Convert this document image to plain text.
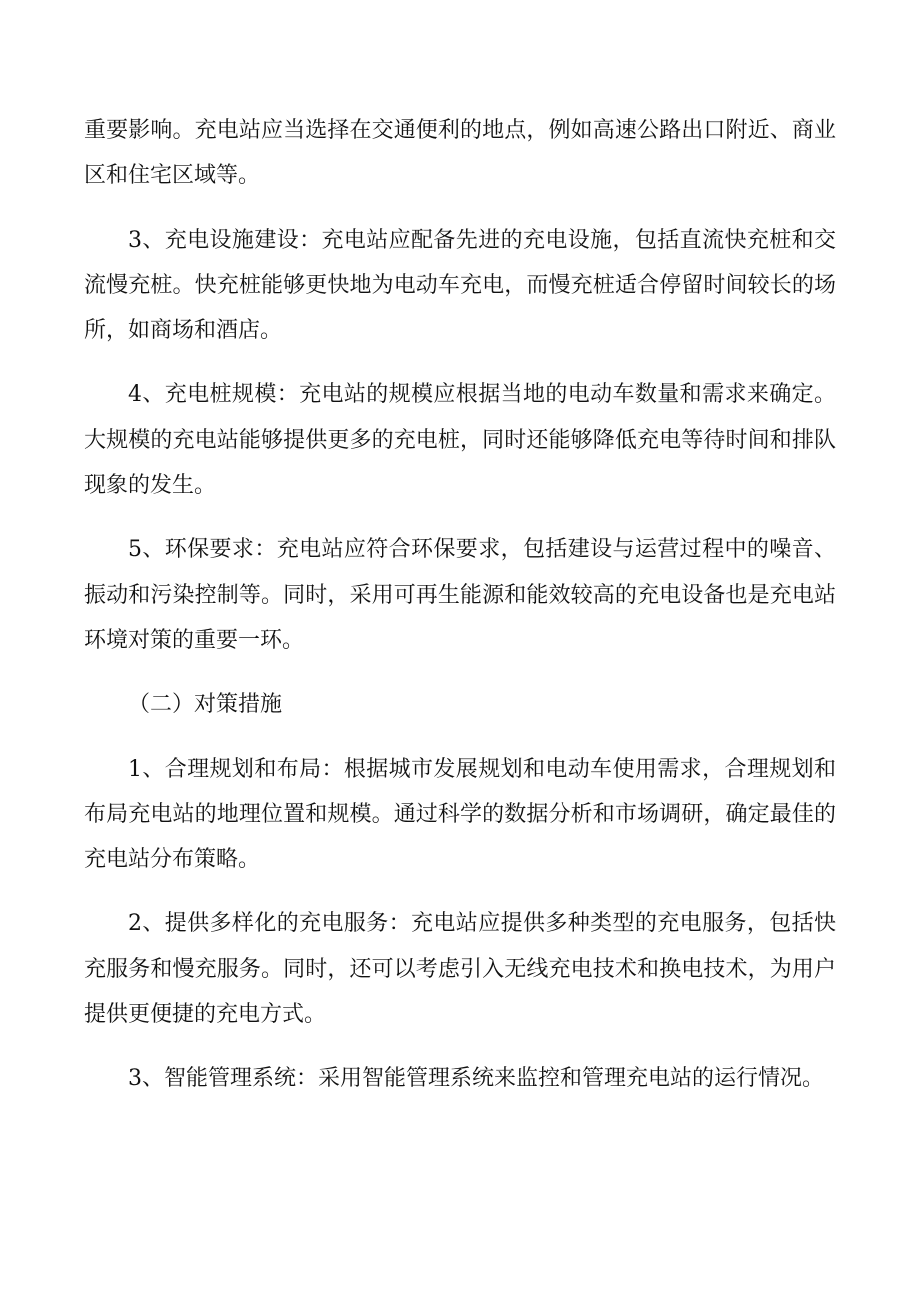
重要影响。充电站应当选择在交通便利的地点，例如高速公路出口附近、商业区和住宅区域等。

3、充电设施建设：充电站应配备先进的充电设施，包括直流快充桩和交流慢充桩。快充桩能够更快地为电动车充电，而慢充桩适合停留时间较长的场所，如商场和酒店。

4、充电桩规模：充电站的规模应根据当地的电动车数量和需求来确定。大规模的充电站能够提供更多的充电桩，同时还能够降低充电等待时间和排队现象的发生。

5、环保要求：充电站应符合环保要求，包括建设与运营过程中的噪音、振动和污染控制等。同时，采用可再生能源和能效较高的充电设备也是充电站环境对策的重要一环。

（二）对策措施

1、合理规划和布局：根据城市发展规划和电动车使用需求，合理规划和布局充电站的地理位置和规模。通过科学的数据分析和市场调研，确定最佳的充电站分布策略。

2、提供多样化的充电服务：充电站应提供多种类型的充电服务，包括快充服务和慢充服务。同时，还可以考虑引入无线充电技术和换电技术，为用户提供更便捷的充电方式。

3、智能管理系统：采用智能管理系统来监控和管理充电站的运行情况。
